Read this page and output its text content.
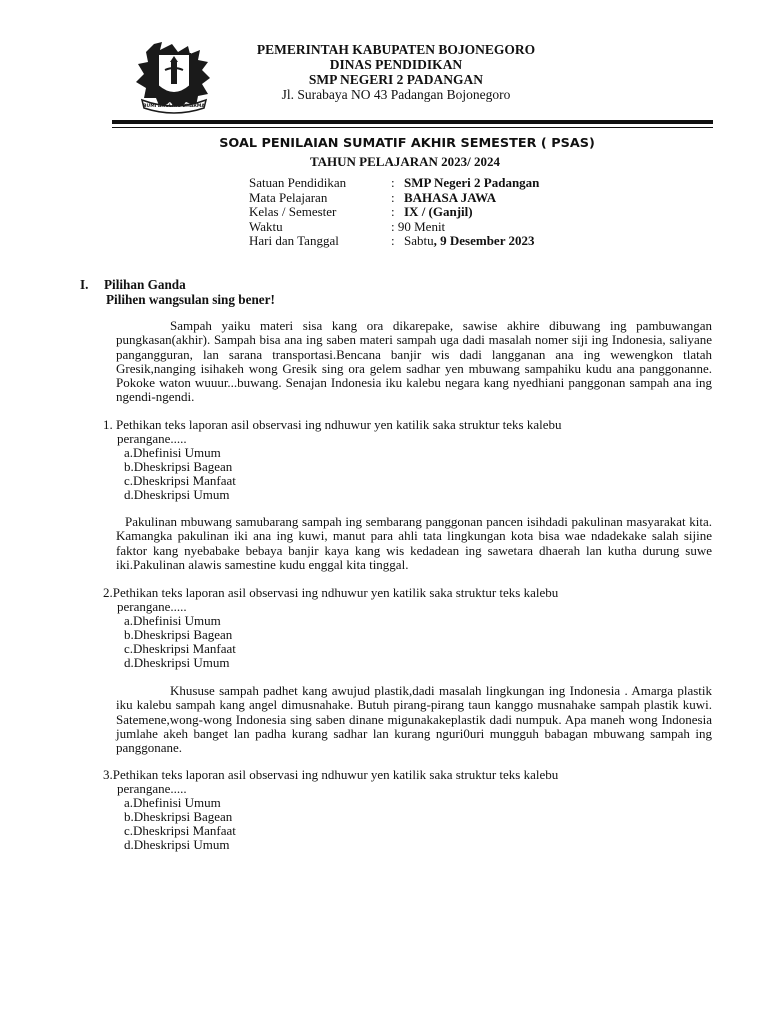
BUMI ANGLING DHARMA
PEMERINTAH KABUPATEN BOJONEGORO
DINAS PENDIDIKAN
SMP NEGERI 2 PADANGAN
Jl. Surabaya NO 43 Padangan Bojonegoro
SOAL PENILAIAN SUMATIF AKHIR SEMESTER ( PSAS)
TAHUN PELAJARAN 2023/ 2024
Satuan Pendidikan	:	SMP Negeri 2 Padangan
Mata Pelajaran	:	BAHASA JAWA
Kelas / Semester	:	IX / (Ganjil)
Waktu	: 90 Menit	
Hari dan Tanggal	:	Sabtu, 9 Desember 2023
I. Pilihan Ganda
Pilihen wangsulan sing bener!
Sampah yaiku materi sisa kang ora dikarepake, sawise akhire dibuwang ing pambuwangan pungkasan(akhir). Sampah bisa ana ing saben materi sampah uga dadi masalah nomer siji ing Indonesia, saliyane pangangguran, lan sarana transportasi.Bencana banjir wis dadi langganan ana ing wewengkon tlatah Gresik,nanging isihakeh wong Gresik sing ora gelem sadhar yen mbuwang sampahiku kudu ana panggonanne. Pokoke waton wuuur...buwang. Senajan Indonesia iku kalebu negara kang nyedhiani panggonan sampah ana ing ngendi-ngendi.
1. Pethikan teks laporan asil observasi ing ndhuwur yen katilik saka struktur teks kalebu
perangane.....
a.Dhefinisi Umum
b.Dheskripsi Bagean
c.Dheskripsi Manfaat
d.Dheskripsi Umum
Pakulinan mbuwang samubarang sampah ing sembarang panggonan pancen isihdadi pakulinan masyarakat kita. Kamangka pakulinan iki ana ing kuwi, manut para ahli tata lingkungan kota bisa wae ndadekake salah sijine faktor kang nyebabake bebaya banjir kaya kang wis kedadean ing sawetara dhaerah lan kutha durung suwe iki.Pakulinan alawis samestine kudu enggal kita tinggal.
2.Pethikan teks laporan asil observasi ing ndhuwur yen katilik saka struktur teks kalebu
perangane.....
a.Dhefinisi Umum
b.Dheskripsi Bagean
c.Dheskripsi Manfaat
d.Dheskripsi Umum
Khususe sampah padhet kang awujud plastik,dadi masalah lingkungan ing Indonesia . Amarga plastik iku kalebu sampah kang angel dimusnahake. Butuh pirang-pirang taun kanggo musnahake sampah plastik kuwi. Satemene,wong-wong Indonesia sing saben dinane migunakakeplastik dadi numpuk. Apa maneh wong Indonesia jumlahe akeh banget lan padha kurang sadhar lan kurang nguri0uri mungguh babagan mbuwang sampah ing panggonane.
3.Pethikan teks laporan asil observasi ing ndhuwur yen katilik saka struktur teks kalebu
perangane.....
a.Dhefinisi Umum
b.Dheskripsi Bagean
c.Dheskripsi Manfaat
d.Dheskripsi Umum
